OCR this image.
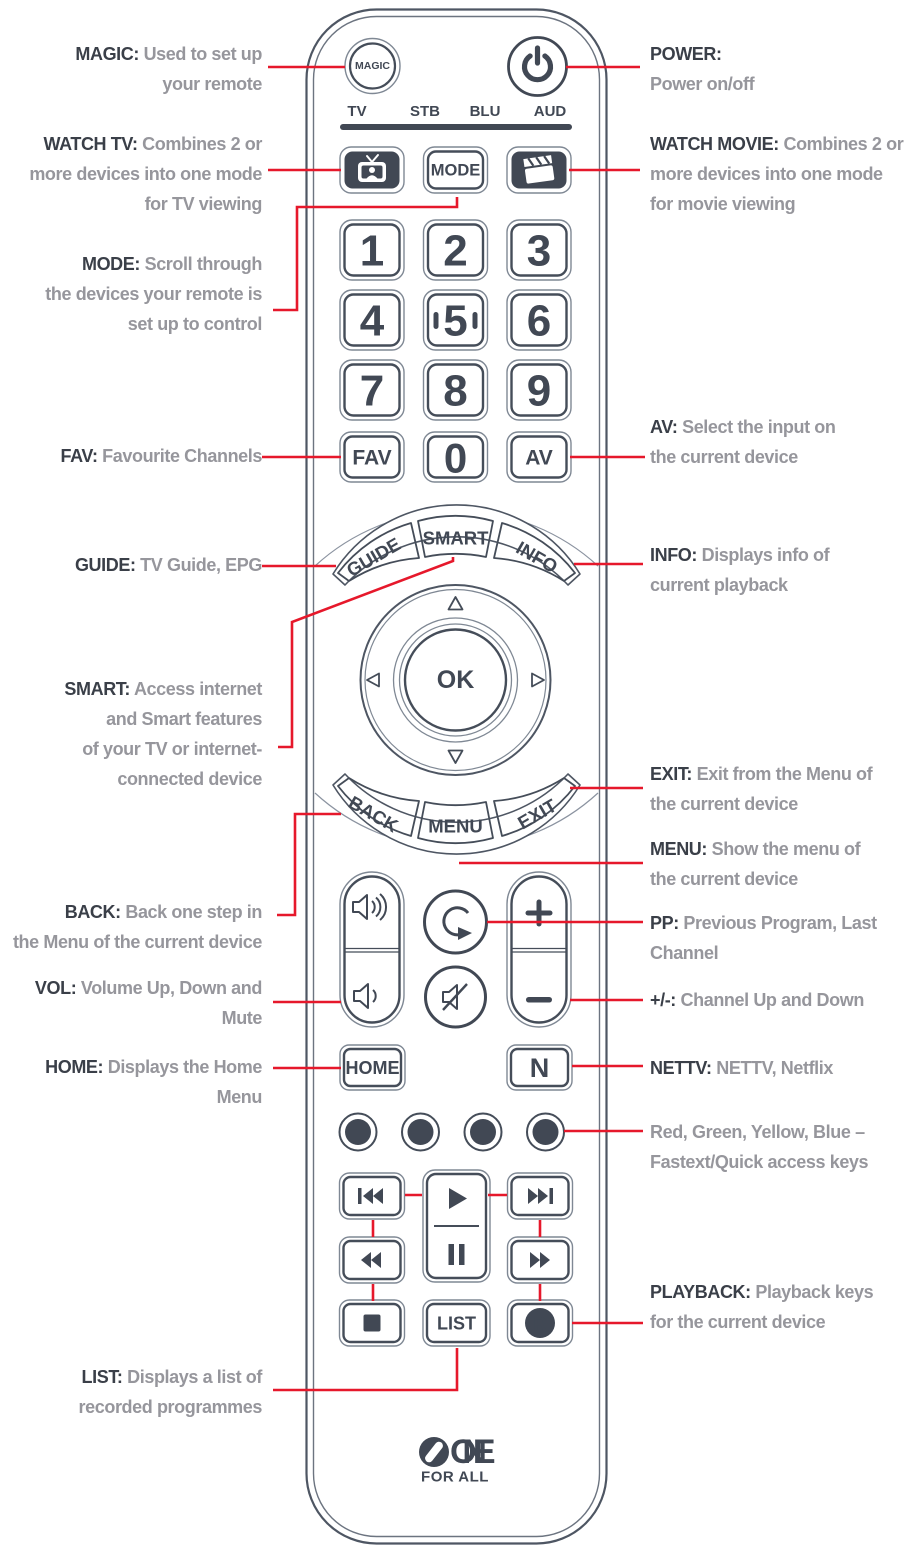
MAGIC
TV	STB BLU AUD
MODE
1 2 3
4 5 6
7 8 9
FAV 0	AV
GUIDE SMART INFO
OK
BACK MENU EXIT
HOME	N
LIST	R
ONE
FOR ALL

MAGIC: Used to set up

your remote

WATCH TV: Combines 2 or

more devices into one mode

for TV viewing

MODE: Scroll through

the devices your remote is

set up to control

FAV: Favourite Channels

GUIDE: TV Guide, EPG

SMART: Access internet

and Smart features

of your TV or internet-

connected device

BACK: Back one step in

the Menu of the current device

VOL: Volume Up, Down and

Mute

HOME: Displays the Home

Menu

LIST: Displays a list of

recorded programmes

POWER:

Power on/off

WATCH MOVIE: Combines 2 or

more devices into one mode

for movie viewing

AV: Select the input on

the current device

INFO: Displays info of

current playback

EXIT: Exit from the Menu of

the current device

MENU: Show the menu of

the current device

PP: Previous Program, Last

Channel

+/-: Channel Up and Down

NETTV: NETTV, Netflix

Red, Green, Yellow, Blue –

Fastext/Quick access keys

PLAYBACK: Playback keys

for the current device
